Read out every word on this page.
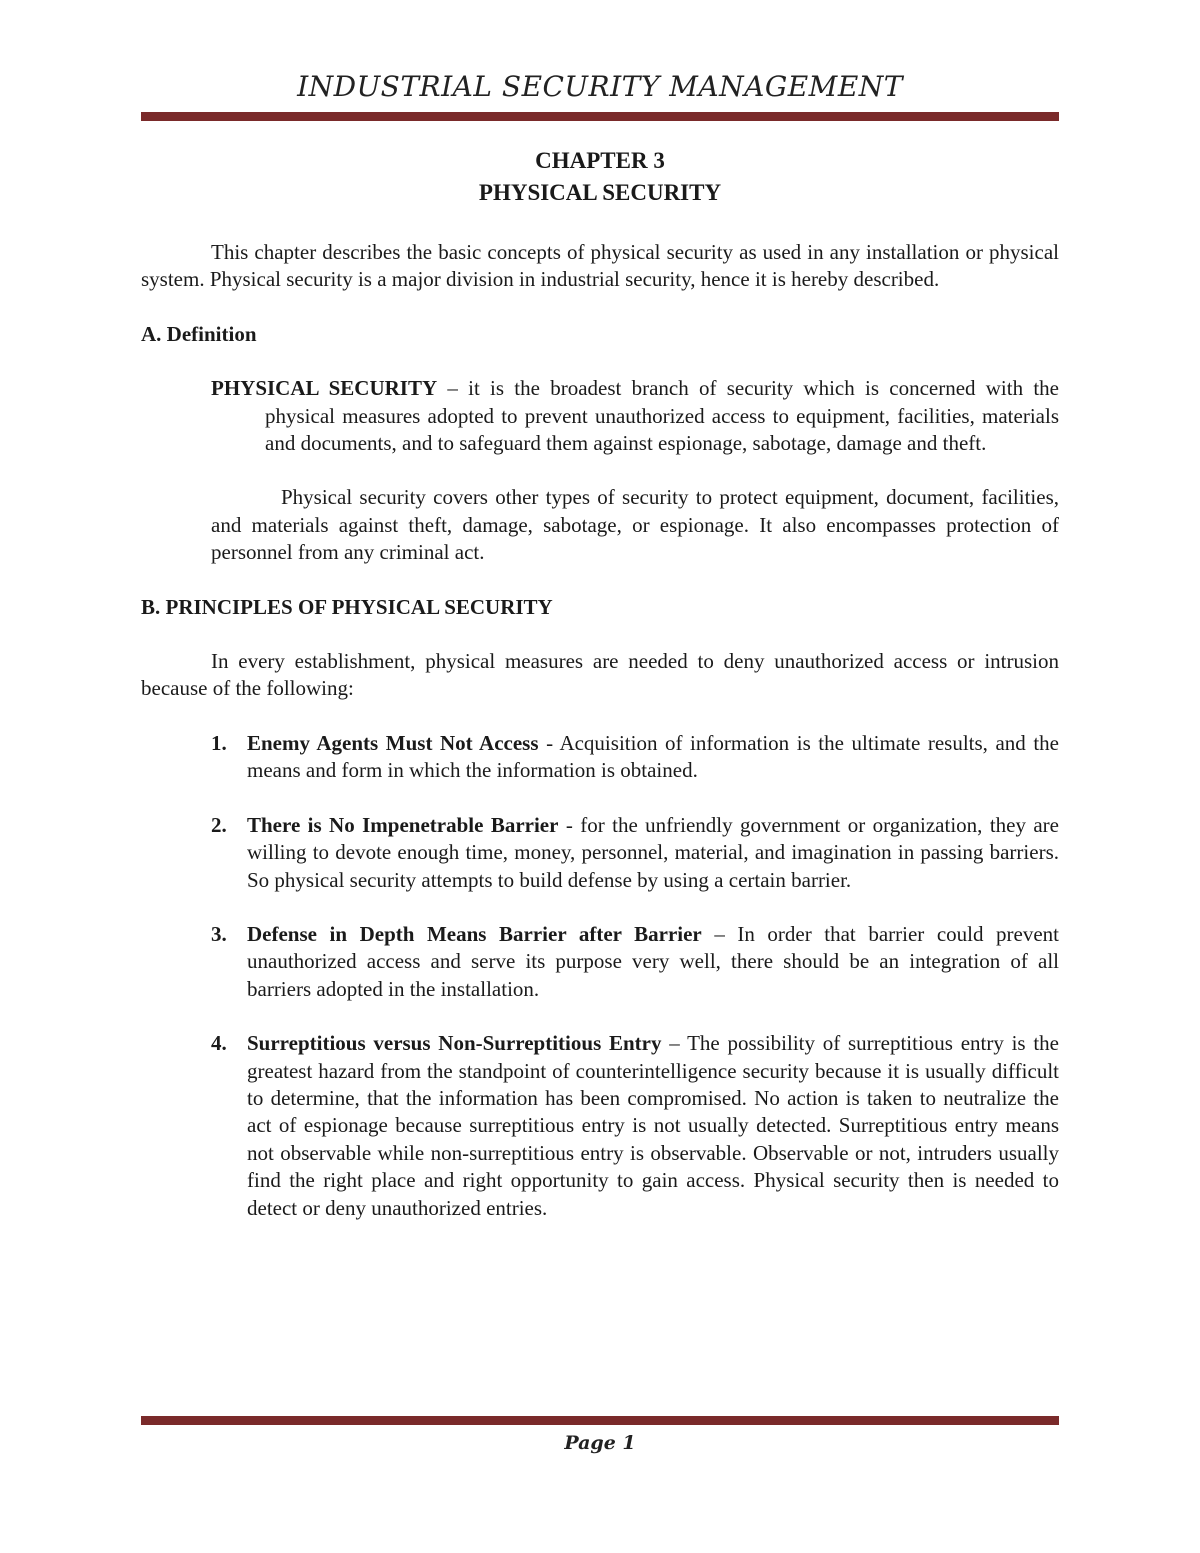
INDUSTRIAL SECURITY MANAGEMENT

CHAPTER 3

PHYSICAL SECURITY

This chapter describes the basic concepts of physical security as used in any installation or physical system. Physical security is a major division in industrial security, hence it is hereby described.

A. Definition

PHYSICAL SECURITY – it is the broadest branch of security which is concerned with the physical measures adopted to prevent unauthorized access to equipment, facilities, materials and documents, and to safeguard them against espionage, sabotage, damage and theft.

Physical security covers other types of security to protect equipment, document, facilities, and materials against theft, damage, sabotage, or espionage. It also encompasses protection of personnel from any criminal act.

B. PRINCIPLES OF PHYSICAL SECURITY

In every establishment, physical measures are needed to deny unauthorized access or intrusion because of the following:

1. Enemy Agents Must Not Access - Acquisition of information is the ultimate results, and the means and form in which the information is obtained.
2. There is No Impenetrable Barrier - for the unfriendly government or organization, they are willing to devote enough time, money, personnel, material, and imagination in passing barriers. So physical security attempts to build defense by using a certain barrier.
3. Defense in Depth Means Barrier after Barrier – In order that barrier could prevent unauthorized access and serve its purpose very well, there should be an integration of all barriers adopted in the installation.
4. Surreptitious versus Non-Surreptitious Entry – The possibility of surreptitious entry is the greatest hazard from the standpoint of counterintelligence security because it is usually difficult to determine, that the information has been compromised. No action is taken to neutralize the act of espionage because surreptitious entry is not usually detected. Surreptitious entry means not observable while non-surreptitious entry is observable. Observable or not, intruders usually find the right place and right opportunity to gain access. Physical security then is needed to detect or deny unauthorized entries.
Page 1
